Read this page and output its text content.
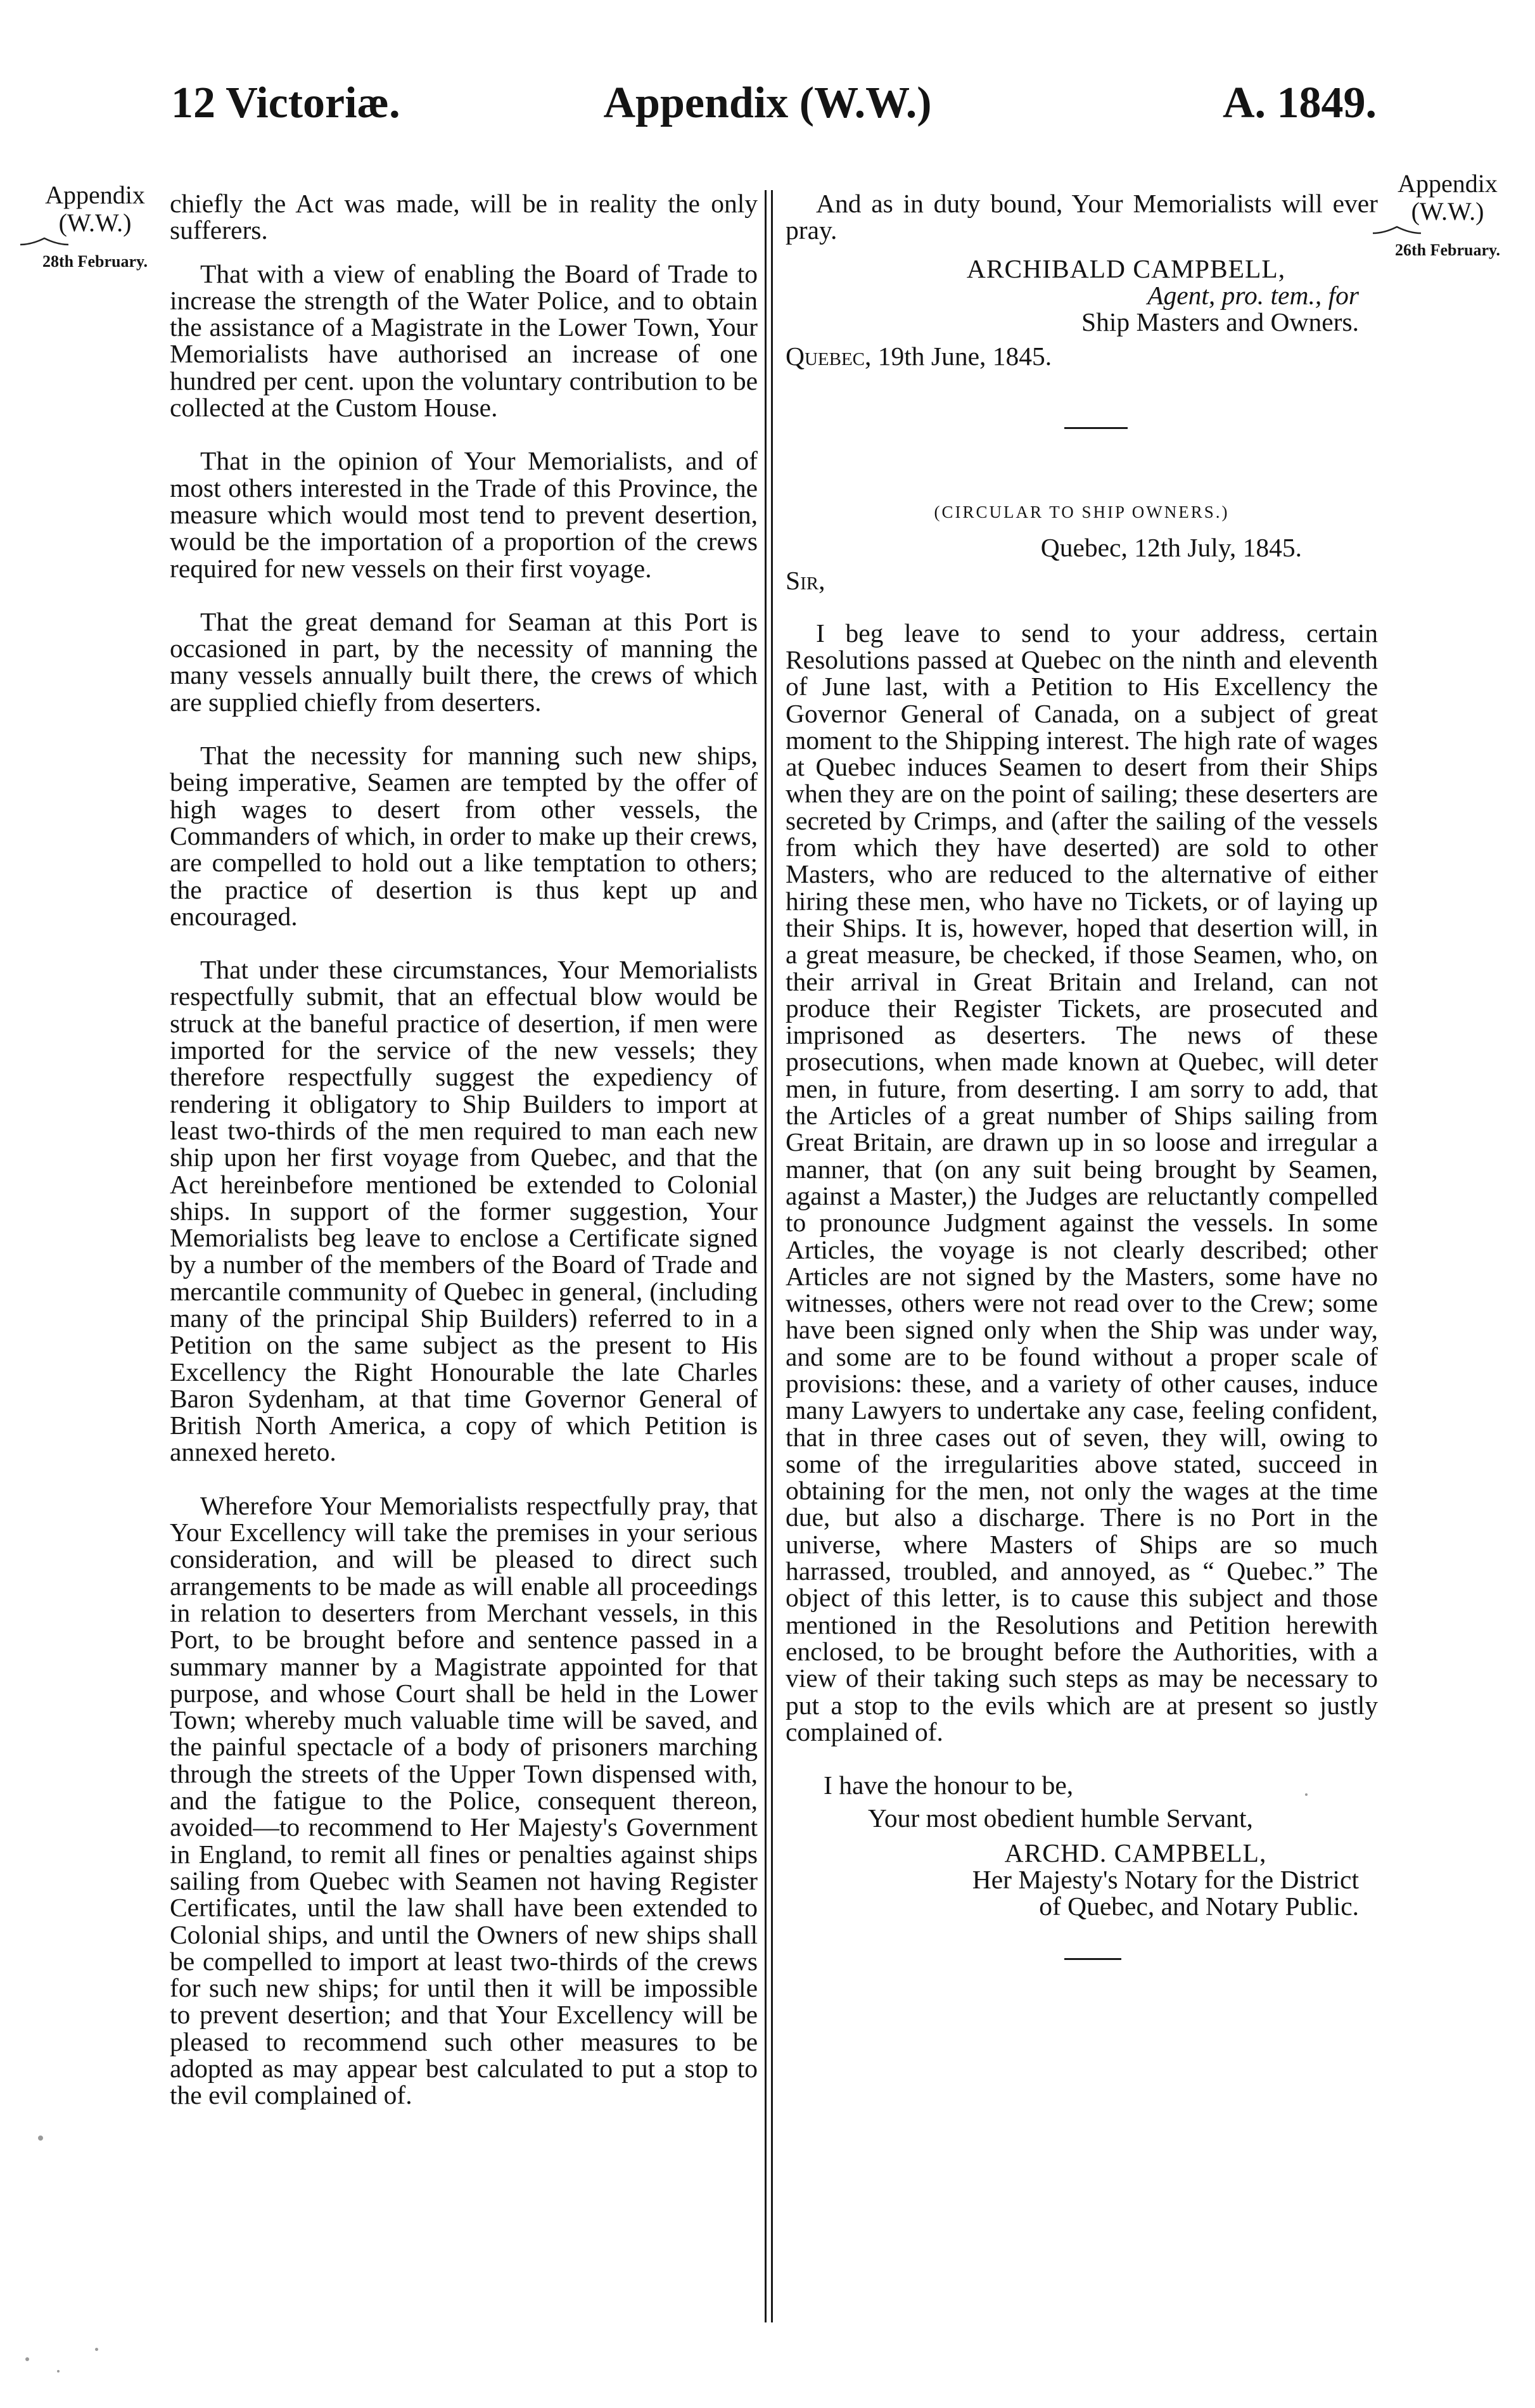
12 Victoriæ.	Appendix (W.W.)	A. 1849.
Appendix
(W.W.)
28th February.
Appendix
(W.W.)
26th February.

chiefly the Act was made, will be in reality the only sufferers.

That with a view of enabling the Board of Trade to increase the strength of the Water Police, and to obtain the assistance of a Magistrate in the Lower Town, Your Memorialists have authorised an increase of one hundred per cent. upon the voluntary contribution to be collected at the Custom House.

That in the opinion of Your Memorialists, and of most others interested in the Trade of this Province, the measure which would most tend to prevent desertion, would be the importation of a proportion of the crews required for new vessels on their first voyage.

That the great demand for Seaman at this Port is occasioned in part, by the necessity of manning the many vessels annually built there, the crews of which are supplied chiefly from deserters.

That the necessity for manning such new ships, being imperative, Seamen are tempted by the offer of high wages to desert from other vessels, the Commanders of which, in order to make up their crews, are compelled to hold out a like temptation to others; the practice of desertion is thus kept up and encouraged.

That under these circumstances, Your Memorialists respectfully submit, that an effectual blow would be struck at the baneful practice of desertion, if men were imported for the service of the new vessels; they therefore respectfully suggest the expediency of rendering it obligatory to Ship Builders to import at least two-thirds of the men required to man each new ship upon her first voyage from Quebec, and that the Act hereinbefore mentioned be extended to Colonial ships. In support of the former suggestion, Your Memorialists beg leave to enclose a Certificate signed by a number of the members of the Board of Trade and mercantile community of Quebec in general, (including many of the principal Ship Builders) referred to in a Petition on the same subject as the present to His Excellency the Right Honourable the late Charles Baron Sydenham, at that time Governor General of British North America, a copy of which Petition is annexed hereto.

Wherefore Your Memorialists respectfully pray, that Your Excellency will take the premises in your serious consideration, and will be pleased to direct such arrangements to be made as will enable all proceedings in relation to deserters from Merchant vessels, in this Port, to be brought before and sentence passed in a summary manner by a Magistrate appointed for that purpose, and whose Court shall be held in the Lower Town; whereby much valuable time will be saved, and the painful spectacle of a body of prisoners marching through the streets of the Upper Town dispensed with, and the fatigue to the Police, consequent thereon, avoided—to recommend to Her Majesty's Government in England, to remit all fines or penalties against ships sailing from Quebec with Seamen not having Register Certificates, until the law shall have been extended to Colonial ships, and until the Owners of new ships shall be compelled to import at least two-thirds of the crews for such new ships; for until then it will be impossible to prevent desertion; and that Your Excellency will be pleased to recommend such other measures to be adopted as may appear best calculated to put a stop to the evil complained of.

And as in duty bound, Your Memorialists will ever pray.

ARCHIBALD CAMPBELL,
Agent, pro. tem., for
Ship Masters and Owners.
Quebec, 19th June, 1845.
(CIRCULAR TO SHIP OWNERS.)
Quebec, 12th July, 1845.
Sir,

I beg leave to send to your address, certain Resolutions passed at Quebec on the ninth and eleventh of June last, with a Petition to His Excellency the Governor General of Canada, on a subject of great moment to the Shipping interest. The high rate of wages at Quebec induces Seamen to desert from their Ships when they are on the point of sailing; these deserters are secreted by Crimps, and (after the sailing of the vessels from which they have deserted) are sold to other Masters, who are reduced to the alternative of either hiring these men, who have no Tickets, or of laying up their Ships. It is, however, hoped that desertion will, in a great measure, be checked, if those Seamen, who, on their arrival in Great Britain and Ireland, can not produce their Register Tickets, are prosecuted and imprisoned as deserters. The news of these prosecutions, when made known at Quebec, will deter men, in future, from deserting. I am sorry to add, that the Articles of a great number of Ships sailing from Great Britain, are drawn up in so loose and irregular a manner, that (on any suit being brought by Seamen, against a Master,) the Judges are reluctantly compelled to pronounce Judgment against the vessels. In some Articles, the voyage is not clearly described; other Articles are not signed by the Masters, some have no witnesses, others were not read over to the Crew; some have been signed only when the Ship was under way, and some are to be found without a proper scale of provisions: these, and a variety of other causes, induce many Lawyers to undertake any case, feeling confident, that in three cases out of seven, they will, owing to some of the irregularities above stated, succeed in obtaining for the men, not only the wages at the time due, but also a discharge. There is no Port in the universe, where Masters of Ships are so much harrassed, troubled, and annoyed, as “ Quebec.” The object of this letter, is to cause this subject and those mentioned in the Resolutions and Petition herewith enclosed, to be brought before the Authorities, with a view of their taking such steps as may be necessary to put a stop to the evils which are at present so justly complained of.

I have the honour to be,
Your most obedient humble Servant,
ARCHD. CAMPBELL,
Her Majesty's Notary for the District
of Quebec, and Notary Public.
